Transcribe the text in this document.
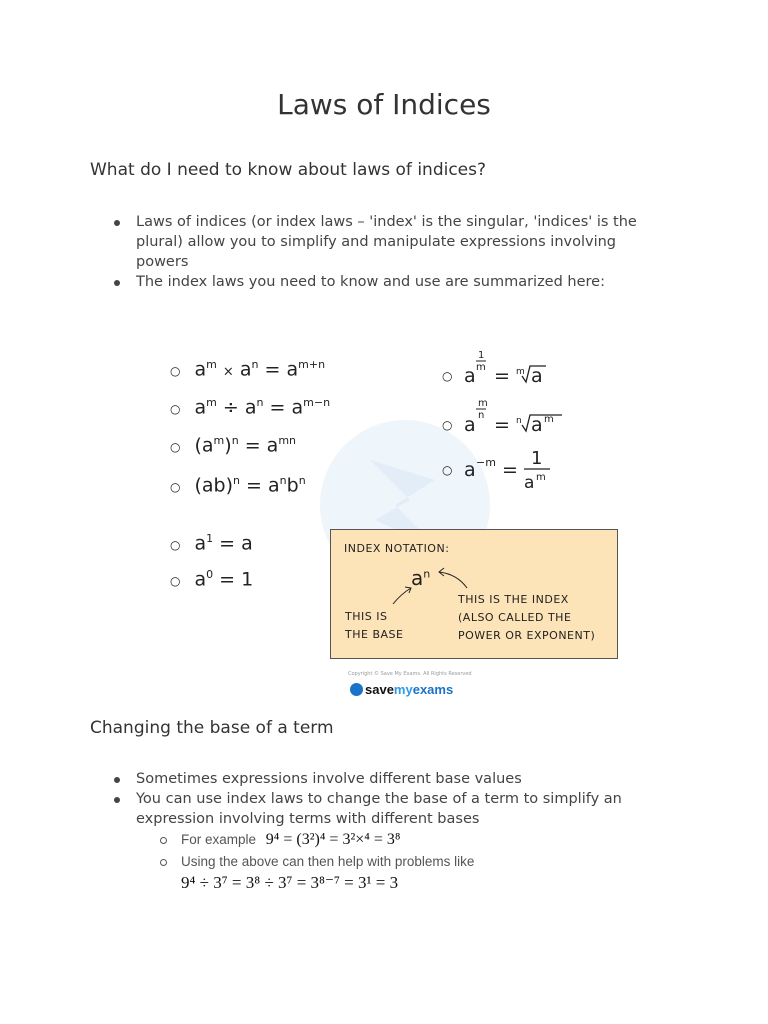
Laws of Indices
What do I need to know about laws of indices?
Laws of indices (or index laws – 'index' is the singular, 'indices' is the plural) allow you to simplify and manipulate expressions involving powers
The index laws you need to know and use are summarized here:
○ $a^m \times a^n = a^{m+n}$
○ $a^m \div a^n = a^{m-n}$
○ $(a^m)^n = a^{mn}$
○ $(ab)^n = a^nb^n$
○ $a^1 = a$
○ $a^0 = 1$
○ a
1
m = m a
○ a
m
n = n a m
○ a −m =
1
a m
INDEX NOTATION:
$a^n$
THIS IS
THE BASE
THIS IS THE INDEX
(ALSO CALLED THE
POWER OR EXPONENT)
Copyright © Save My Exams. All Rights Reserved
savemyexams
Changing the base of a term
Sometimes expressions involve different base values
You can use index laws to change the base of a term to simplify an expression involving terms with different bases
For example 9⁴ = (3²)⁴ = 3²×⁴ = 3⁸
Using the above can then help with problems like
9⁴ ÷ 3⁷ = 3⁸ ÷ 3⁷ = 3⁸⁻⁷ = 3¹ = 3
